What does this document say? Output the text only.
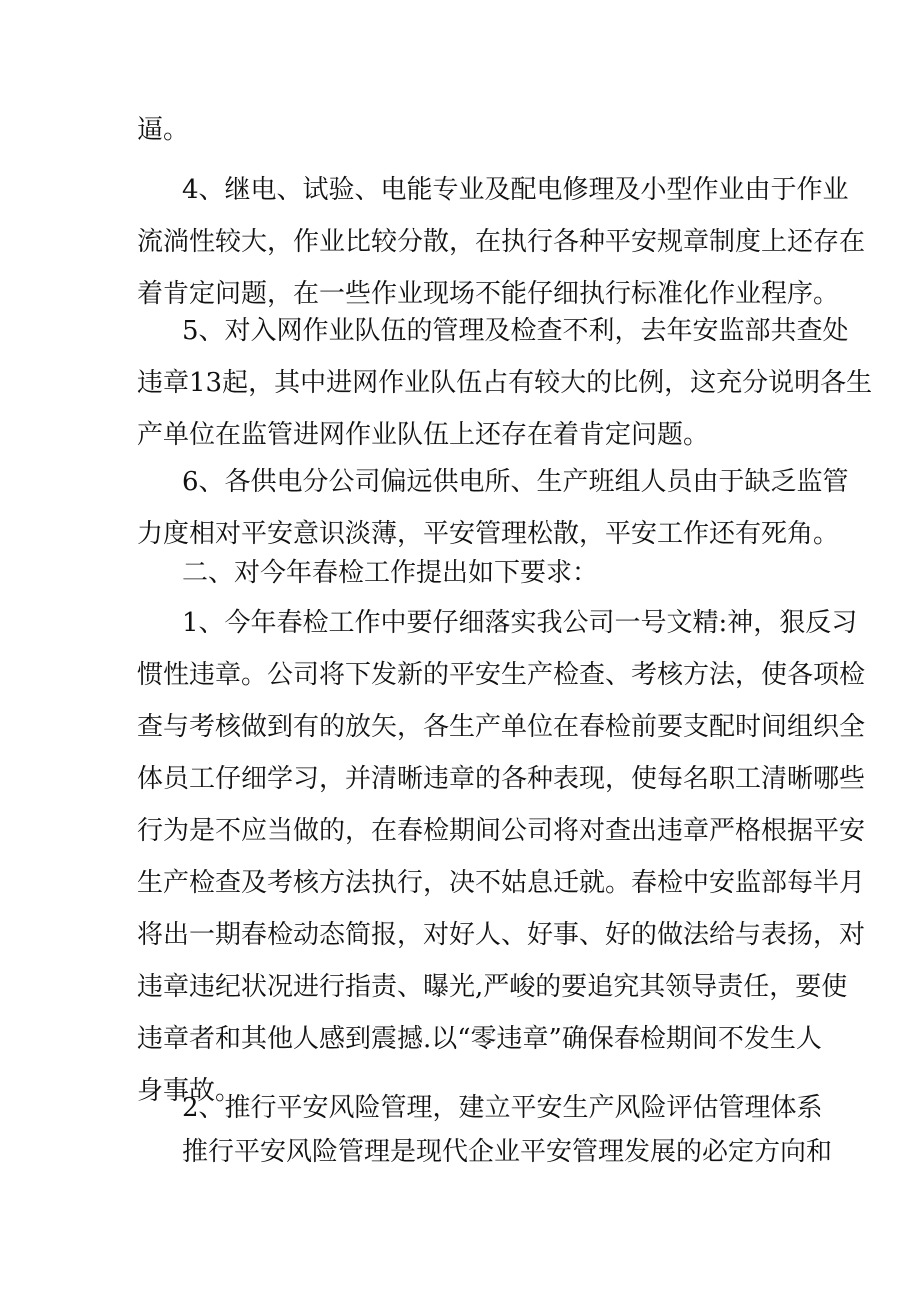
逼。

4、继电、试验、电能专业及配电修理及小型作业由于作业
流淌性较大，作业比较分散，在执行各种平安规章制度上还存在
着肯定问题，在一些作业现场不能仔细执行标准化作业程序。

5、对入网作业队伍的管理及检查不利，去年安监部共查处
违章13起，其中进网作业队伍占有较大的比例，这充分说明各生
产单位在监管进网作业队伍上还存在着肯定问题。

6、各供电分公司偏远供电所、生产班组人员由于缺乏监管
力度相对平安意识淡薄，平安管理松散，平安工作还有死角。

二、对今年春检工作提出如下要求：

1、今年春检工作中要仔细落实我公司一号文精:神，狠反习
惯性违章。公司将下发新的平安生产检查、考核方法，使各项检
查与考核做到有的放矢，各生产单位在春检前要支配时间组织全
体员工仔细学习，并清晰违章的各种表现，使每名职工清晰哪些
行为是不应当做的，在春检期间公司将对查出违章严格根据平安
生产检查及考核方法执行，决不姑息迁就。春检中安监部每半月
将出一期春检动态简报，对好人、好事、好的做法给与表扬，对
违章违纪状况进行指责、曝光,严峻的要追究其领导责任，要使
违章者和其他人感到震撼.以“零违章”确保春检期间不发生人
身事故。

2、推行平安风险管理，建立平安生产风险评估管理体系

推行平安风险管理是现代企业平安管理发展的必定方向和
